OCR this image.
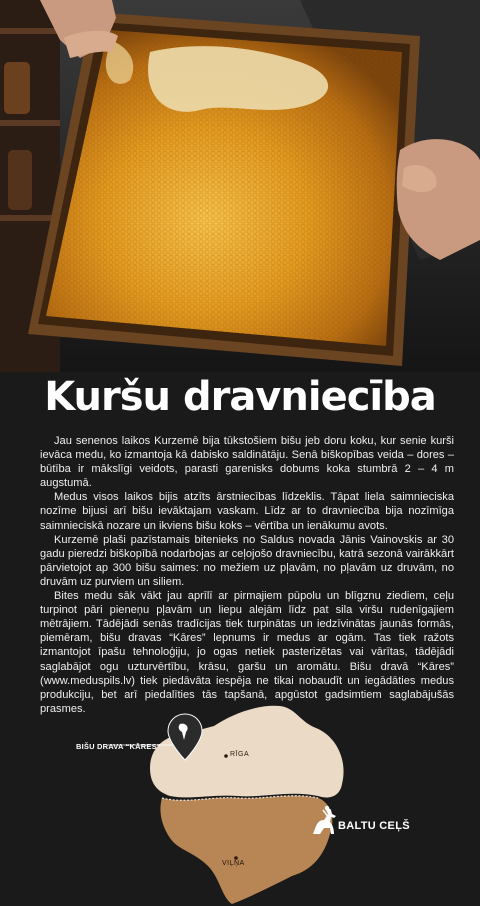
Kuršu dravniecība

Jau senenos laikos Kurzemē bija tūkstošiem bišu jeb doru koku, kur senie kurši ievāca medu, ko izmantoja kā dabisko saldinātāju. Senā biškopības veida – dores – būtība ir mākslīgi veidots, parasti garenisks dobums koka stumbrā 2 – 4 m augstumā.

Medus visos laikos bijis atzīts ārstniecības līdzeklis. Tāpat liela saimnieciska nozīme bijusi arī bišu ievāktajam vaskam. Līdz ar to dravniecība bija nozīmīga saimnieciskā nozare un ikviens bišu koks – vērtība un ienākumu avots.

Kurzemē plaši pazīstamais bitenieks no Saldus novada Jānis Vainovskis ar 30 gadu pieredzi biškopībā nodarbojas ar ceļojošo dravniecību, katrā sezonā vairākkārt pārvietojot ap 300 bišu saimes: no mežiem uz pļavām, no pļavām uz druvām, no druvām uz purviem un siliem.

Bites medu sāk vākt jau aprīlī ar pirmajiem pūpolu un blīgznu ziediem, ceļu turpinot pāri pieneņu pļavām un liepu alejām līdz pat sila viršu rudenīgajiem mētrājiem. Tādējādi senās tradīcijas tiek turpinātas un iedzīvinātas jaunās formās, piemēram, bišu dravas “Kāres” lepnums ir medus ar ogām. Tas tiek ražots izmantojot īpašu tehnoloģiju, jo ogas netiek pasterizētas vai vārītas, tādējādi saglabājot ogu uzturvērtību, krāsu, garšu un aromātu. Bišu dravā “Kāres” (www.meduspils.lv) tiek piedāvāta iespēja ne tikai nobaudīt un iegādāties medus produkciju, bet arī piedalīties tās tapšanā, apgūstot gadsimtiem saglabājušās prasmes.

BIŠU DRAVA “KĀRES”
RĪGA
VIĻŅA
BALTU CEĻŠ
